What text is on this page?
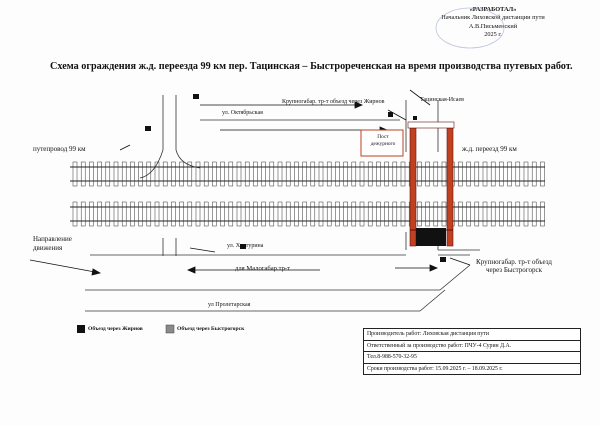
«РАЗРАБОТАЛ»
Начальник Лиховской дистанции пути
А.В.Письменский
2025 г.
Схема ограждения ж.д. переезда 99 км пер. Тацинская – Быстрореченская на время производства путевых работ.
путепровод 99 км	ж.д. переезд 99 км
ул. Октябрьская
Крупногабар. тр-т объезд через Жирнов	Тацинская-Исаев
Пост дежурного
Направление движения	ул. Халтурина
для Малогабар.тр-т
Крупногабар. тр-т объезд через Быстрогорск
ул Пролетарская
Объезд через Жирнов	Объезд через Быстрогорск
Производитель работ: Лиховская дистанция пути
Ответственный за производство работ: ПЧУ-4 Сурин Д.А.
Тел.8-988-570-32-95
Сроки производства работ: 15.09.2025 г. – 18.09.2025 г.
